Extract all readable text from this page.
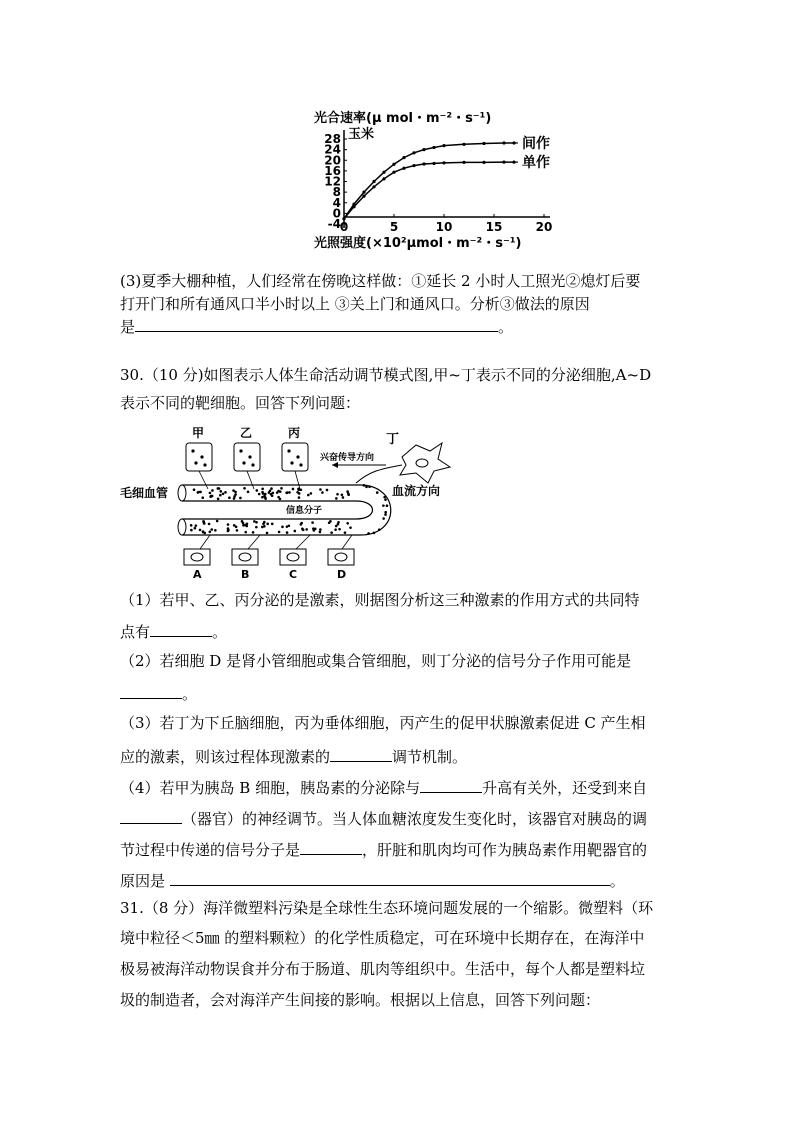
光合速率(μ mol・m⁻²・s⁻¹)
玉米
-4
0
4
8
12
16
20
24
28
0	5	10	15	20
间作
单作
光照强度(×10²μmol・m⁻²・s⁻¹)
(3)夏季大棚种植，人们经常在傍晚这样做：①延长 2 小时人工照光②熄灯后要
打开门和所有通风口半小时以上 ③关上门和通风口。分析③做法的原因
是	。
30.（10 分)如图表示人体生命活动调节模式图,甲~丁表示不同的分泌细胞,A~D
表示不同的靶细胞。回答下列问题：
甲	乙	丙	丁
兴奋传导方向
毛细血管	血流方向
信息分子
A	B	C	D
（1）若甲、乙、丙分泌的是激素，则据图分析这三种激素的作用方式的共同特
点有	。
（2）若细胞 D 是肾小管细胞或集合管细胞，则丁分泌的信号分子作用可能是
。
（3）若丁为下丘脑细胞，丙为垂体细胞，丙产生的促甲状腺激素促进 C 产生相
应的激素，则该过程体现激素的	调节机制。
（4）若甲为胰岛 B 细胞，胰岛素的分泌除与	升高有关外，还受到来自
（器官）的神经调节。当人体血糖浓度发生变化时，该器官对胰岛的调
节过程中传递的信号分子是	，肝脏和肌肉均可作为胰岛素作用靶器官的
原因是	。
31.（8 分）海洋微塑料污染是全球性生态环境问题发展的一个缩影。微塑料（环
境中粒径＜5㎜ 的塑料颗粒）的化学性质稳定，可在环境中长期存在，在海洋中
极易被海洋动物误食并分布于肠道、肌肉等组织中。生活中，每个人都是塑料垃
圾的制造者，会对海洋产生间接的影响。根据以上信息，回答下列问题：
